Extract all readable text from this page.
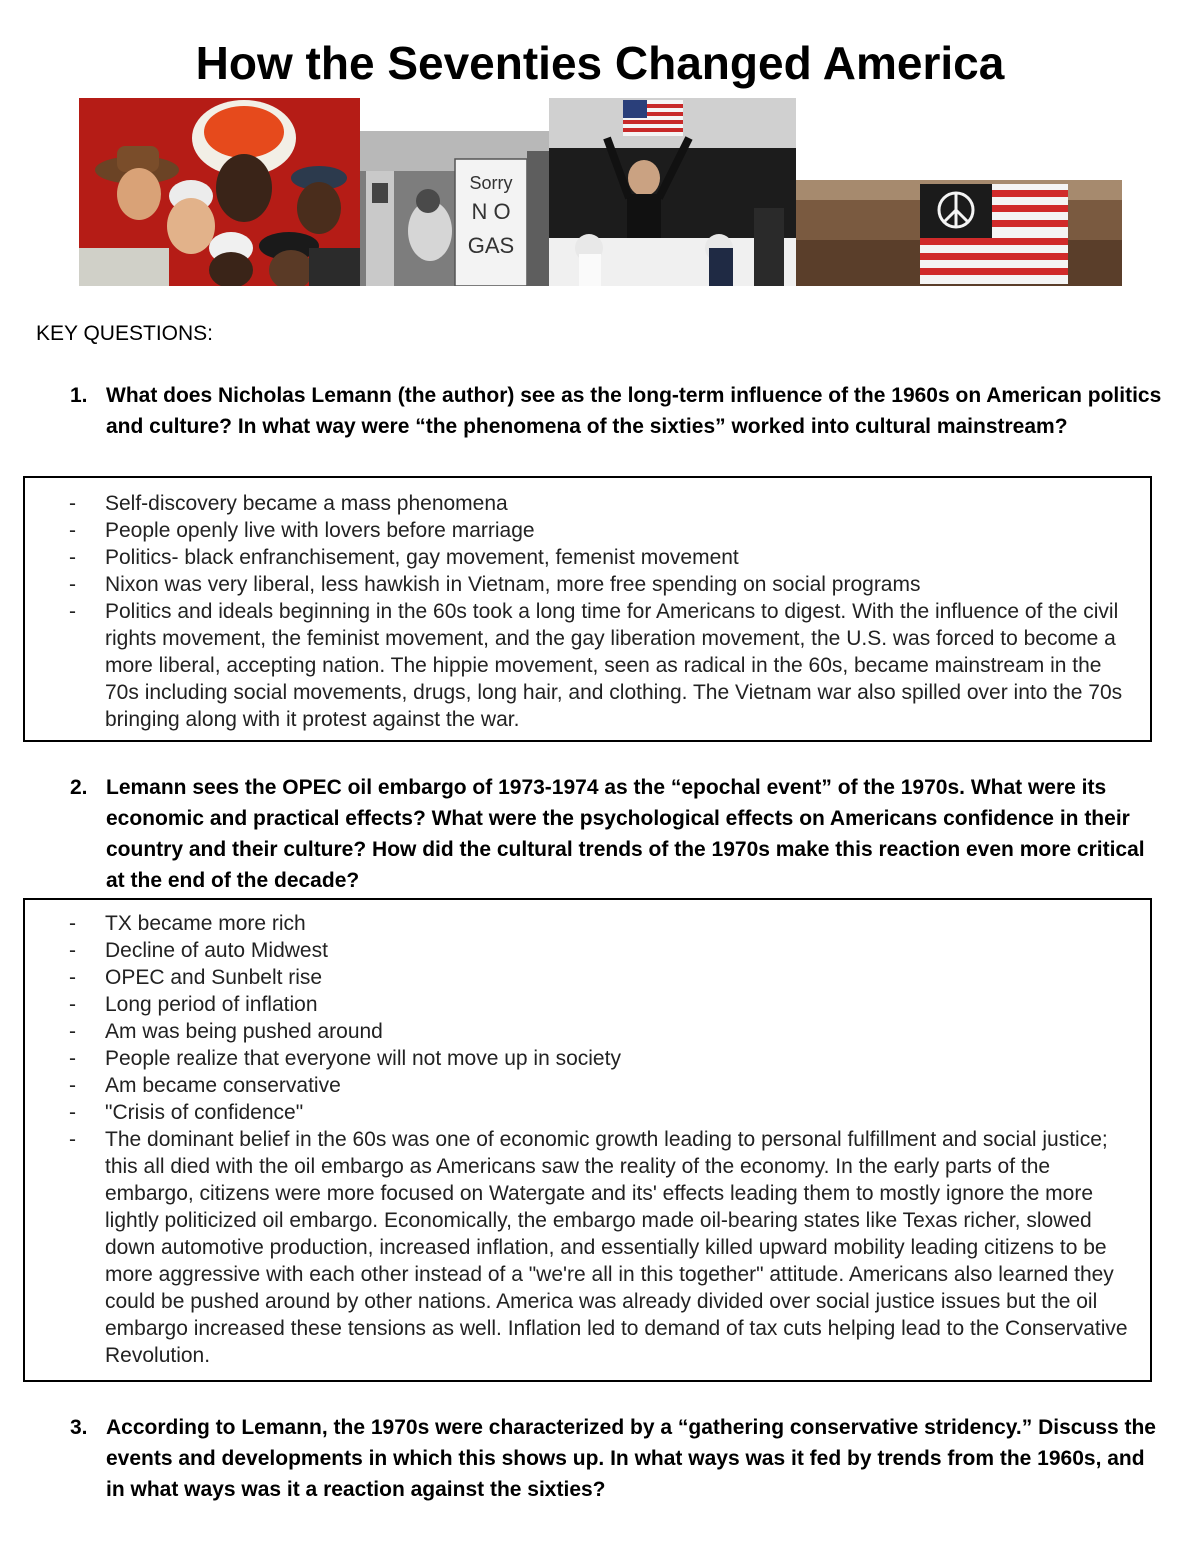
How the Seventies Changed America
Sorry
N O
GAS
KEY QUESTIONS:
1. What does Nicholas Lemann (the author) see as the long-term influence of the 1960s on American politics and culture? In what way were “the phenomena of the sixties” worked into cultural mainstream?
- Self-discovery became a mass phenomena
- People openly live with lovers before marriage
- Politics- black enfranchisement, gay movement, femenist movement
- Nixon was very liberal, less hawkish in Vietnam, more free spending on social programs
- Politics and ideals beginning in the 60s took a long time for Americans to digest. With the influence of the civil rights movement, the feminist movement, and the gay liberation movement, the U.S. was forced to become a more liberal, accepting nation. The hippie movement, seen as radical in the 60s, became mainstream in the 70s including social movements, drugs, long hair, and clothing. The Vietnam war also spilled over into the 70s bringing along with it protest against the war.
2. Lemann sees the OPEC oil embargo of 1973-1974 as the “epochal event” of the 1970s. What were its economic and practical effects? What were the psychological effects on Americans confidence in their country and their culture? How did the cultural trends of the 1970s make this reaction even more critical at the end of the decade?
- TX became more rich
- Decline of auto Midwest
- OPEC and Sunbelt rise
- Long period of inflation
- Am was being pushed around
- People realize that everyone will not move up in society
- Am became conservative
- "Crisis of confidence"
- The dominant belief in the 60s was one of economic growth leading to personal fulfillment and social justice; this all died with the oil embargo as Americans saw the reality of the economy. In the early parts of the embargo, citizens were more focused on Watergate and its' effects leading them to mostly ignore the more lightly politicized oil embargo. Economically, the embargo made oil-bearing states like Texas richer, slowed down automotive production, increased inflation, and essentially killed upward mobility leading citizens to be more aggressive with each other instead of a "we're all in this together" attitude. Americans also learned they could be pushed around by other nations. America was already divided over social justice issues but the oil embargo increased these tensions as well. Inflation led to demand of tax cuts helping lead to the Conservative Revolution.
3. According to Lemann, the 1970s were characterized by a “gathering conservative stridency.” Discuss the events and developments in which this shows up. In what ways was it fed by trends from the 1960s, and in what ways was it a reaction against the sixties?
